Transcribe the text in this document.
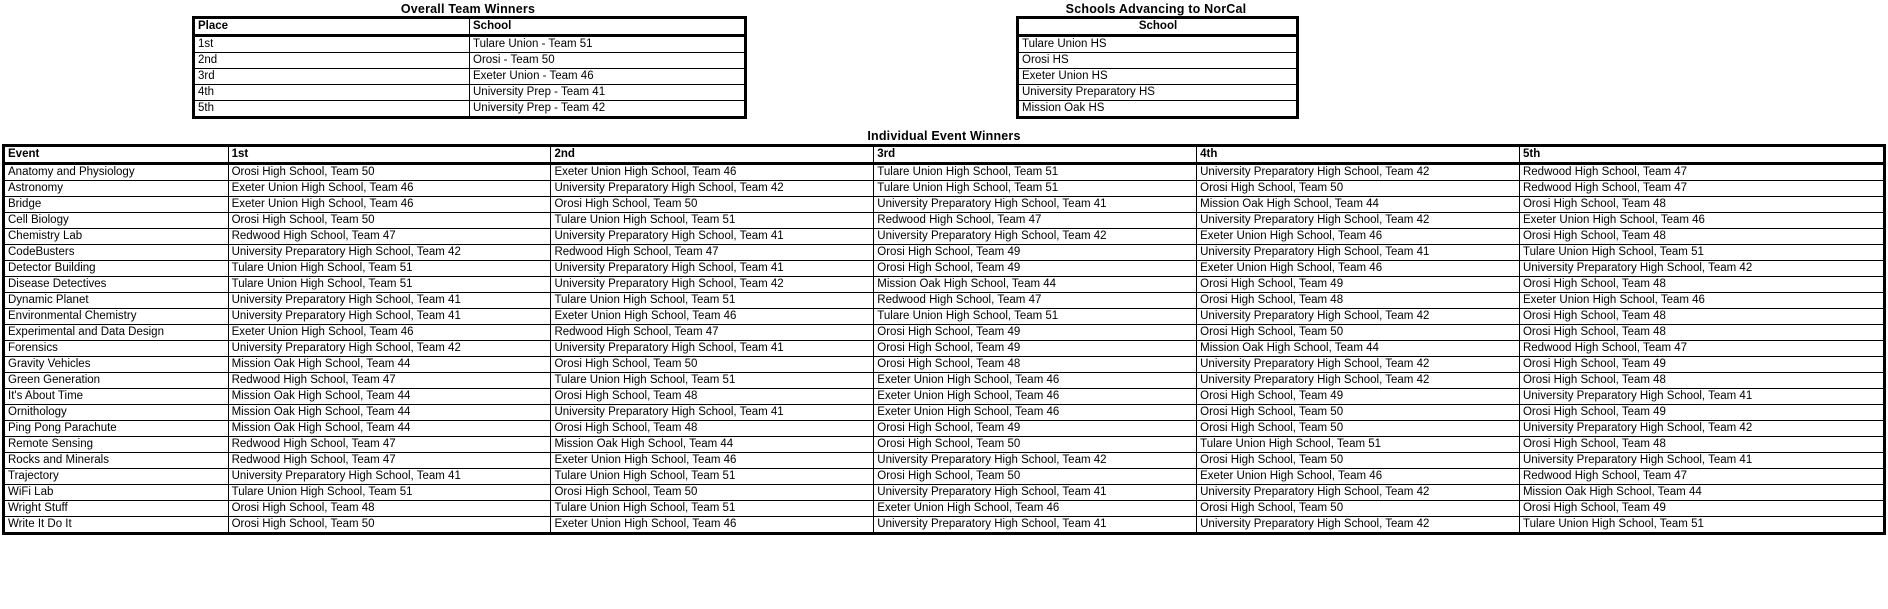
Overall Team Winners
Place	School
1st	Tulare Union - Team 51
2nd	Orosi - Team 50
3rd	Exeter Union - Team 46
4th	University Prep - Team 41
5th	University Prep - Team 42
Schools Advancing to NorCal
School
Tulare Union HS
Orosi HS
Exeter Union HS
University Preparatory HS
Mission Oak HS
Individual Event Winners
Event	1st	2nd	3rd	4th	5th
Anatomy and Physiology	Orosi High School, Team 50	Exeter Union High School, Team 46	Tulare Union High School, Team 51	University Preparatory High School, Team 42	Redwood High School, Team 47
Astronomy	Exeter Union High School, Team 46	University Preparatory High School, Team 42	Tulare Union High School, Team 51	Orosi High School, Team 50	Redwood High School, Team 47
Bridge	Exeter Union High School, Team 46	Orosi High School, Team 50	University Preparatory High School, Team 41	Mission Oak High School, Team 44	Orosi High School, Team 48
Cell Biology	Orosi High School, Team 50	Tulare Union High School, Team 51	Redwood High School, Team 47	University Preparatory High School, Team 42	Exeter Union High School, Team 46
Chemistry Lab	Redwood High School, Team 47	University Preparatory High School, Team 41	University Preparatory High School, Team 42	Exeter Union High School, Team 46	Orosi High School, Team 48
CodeBusters	University Preparatory High School, Team 42	Redwood High School, Team 47	Orosi High School, Team 49	University Preparatory High School, Team 41	Tulare Union High School, Team 51
Detector Building	Tulare Union High School, Team 51	University Preparatory High School, Team 41	Orosi High School, Team 49	Exeter Union High School, Team 46	University Preparatory High School, Team 42
Disease Detectives	Tulare Union High School, Team 51	University Preparatory High School, Team 42	Mission Oak High School, Team 44	Orosi High School, Team 49	Orosi High School, Team 48
Dynamic Planet	University Preparatory High School, Team 41	Tulare Union High School, Team 51	Redwood High School, Team 47	Orosi High School, Team 48	Exeter Union High School, Team 46
Environmental Chemistry	University Preparatory High School, Team 41	Exeter Union High School, Team 46	Tulare Union High School, Team 51	University Preparatory High School, Team 42	Orosi High School, Team 48
Experimental and Data Design	Exeter Union High School, Team 46	Redwood High School, Team 47	Orosi High School, Team 49	Orosi High School, Team 50	Orosi High School, Team 48
Forensics	University Preparatory High School, Team 42	University Preparatory High School, Team 41	Orosi High School, Team 49	Mission Oak High School, Team 44	Redwood High School, Team 47
Gravity Vehicles	Mission Oak High School, Team 44	Orosi High School, Team 50	Orosi High School, Team 48	University Preparatory High School, Team 42	Orosi High School, Team 49
Green Generation	Redwood High School, Team 47	Tulare Union High School, Team 51	Exeter Union High School, Team 46	University Preparatory High School, Team 42	Orosi High School, Team 48
It's About Time	Mission Oak High School, Team 44	Orosi High School, Team 48	Exeter Union High School, Team 46	Orosi High School, Team 49	University Preparatory High School, Team 41
Ornithology	Mission Oak High School, Team 44	University Preparatory High School, Team 41	Exeter Union High School, Team 46	Orosi High School, Team 50	Orosi High School, Team 49
Ping Pong Parachute	Mission Oak High School, Team 44	Orosi High School, Team 48	Orosi High School, Team 49	Orosi High School, Team 50	University Preparatory High School, Team 42
Remote Sensing	Redwood High School, Team 47	Mission Oak High School, Team 44	Orosi High School, Team 50	Tulare Union High School, Team 51	Orosi High School, Team 48
Rocks and Minerals	Redwood High School, Team 47	Exeter Union High School, Team 46	University Preparatory High School, Team 42	Orosi High School, Team 50	University Preparatory High School, Team 41
Trajectory	University Preparatory High School, Team 41	Tulare Union High School, Team 51	Orosi High School, Team 50	Exeter Union High School, Team 46	Redwood High School, Team 47
WiFi Lab	Tulare Union High School, Team 51	Orosi High School, Team 50	University Preparatory High School, Team 41	University Preparatory High School, Team 42	Mission Oak High School, Team 44
Wright Stuff	Orosi High School, Team 48	Tulare Union High School, Team 51	Exeter Union High School, Team 46	Orosi High School, Team 50	Orosi High School, Team 49
Write It Do It	Orosi High School, Team 50	Exeter Union High School, Team 46	University Preparatory High School, Team 41	University Preparatory High School, Team 42	Tulare Union High School, Team 51
